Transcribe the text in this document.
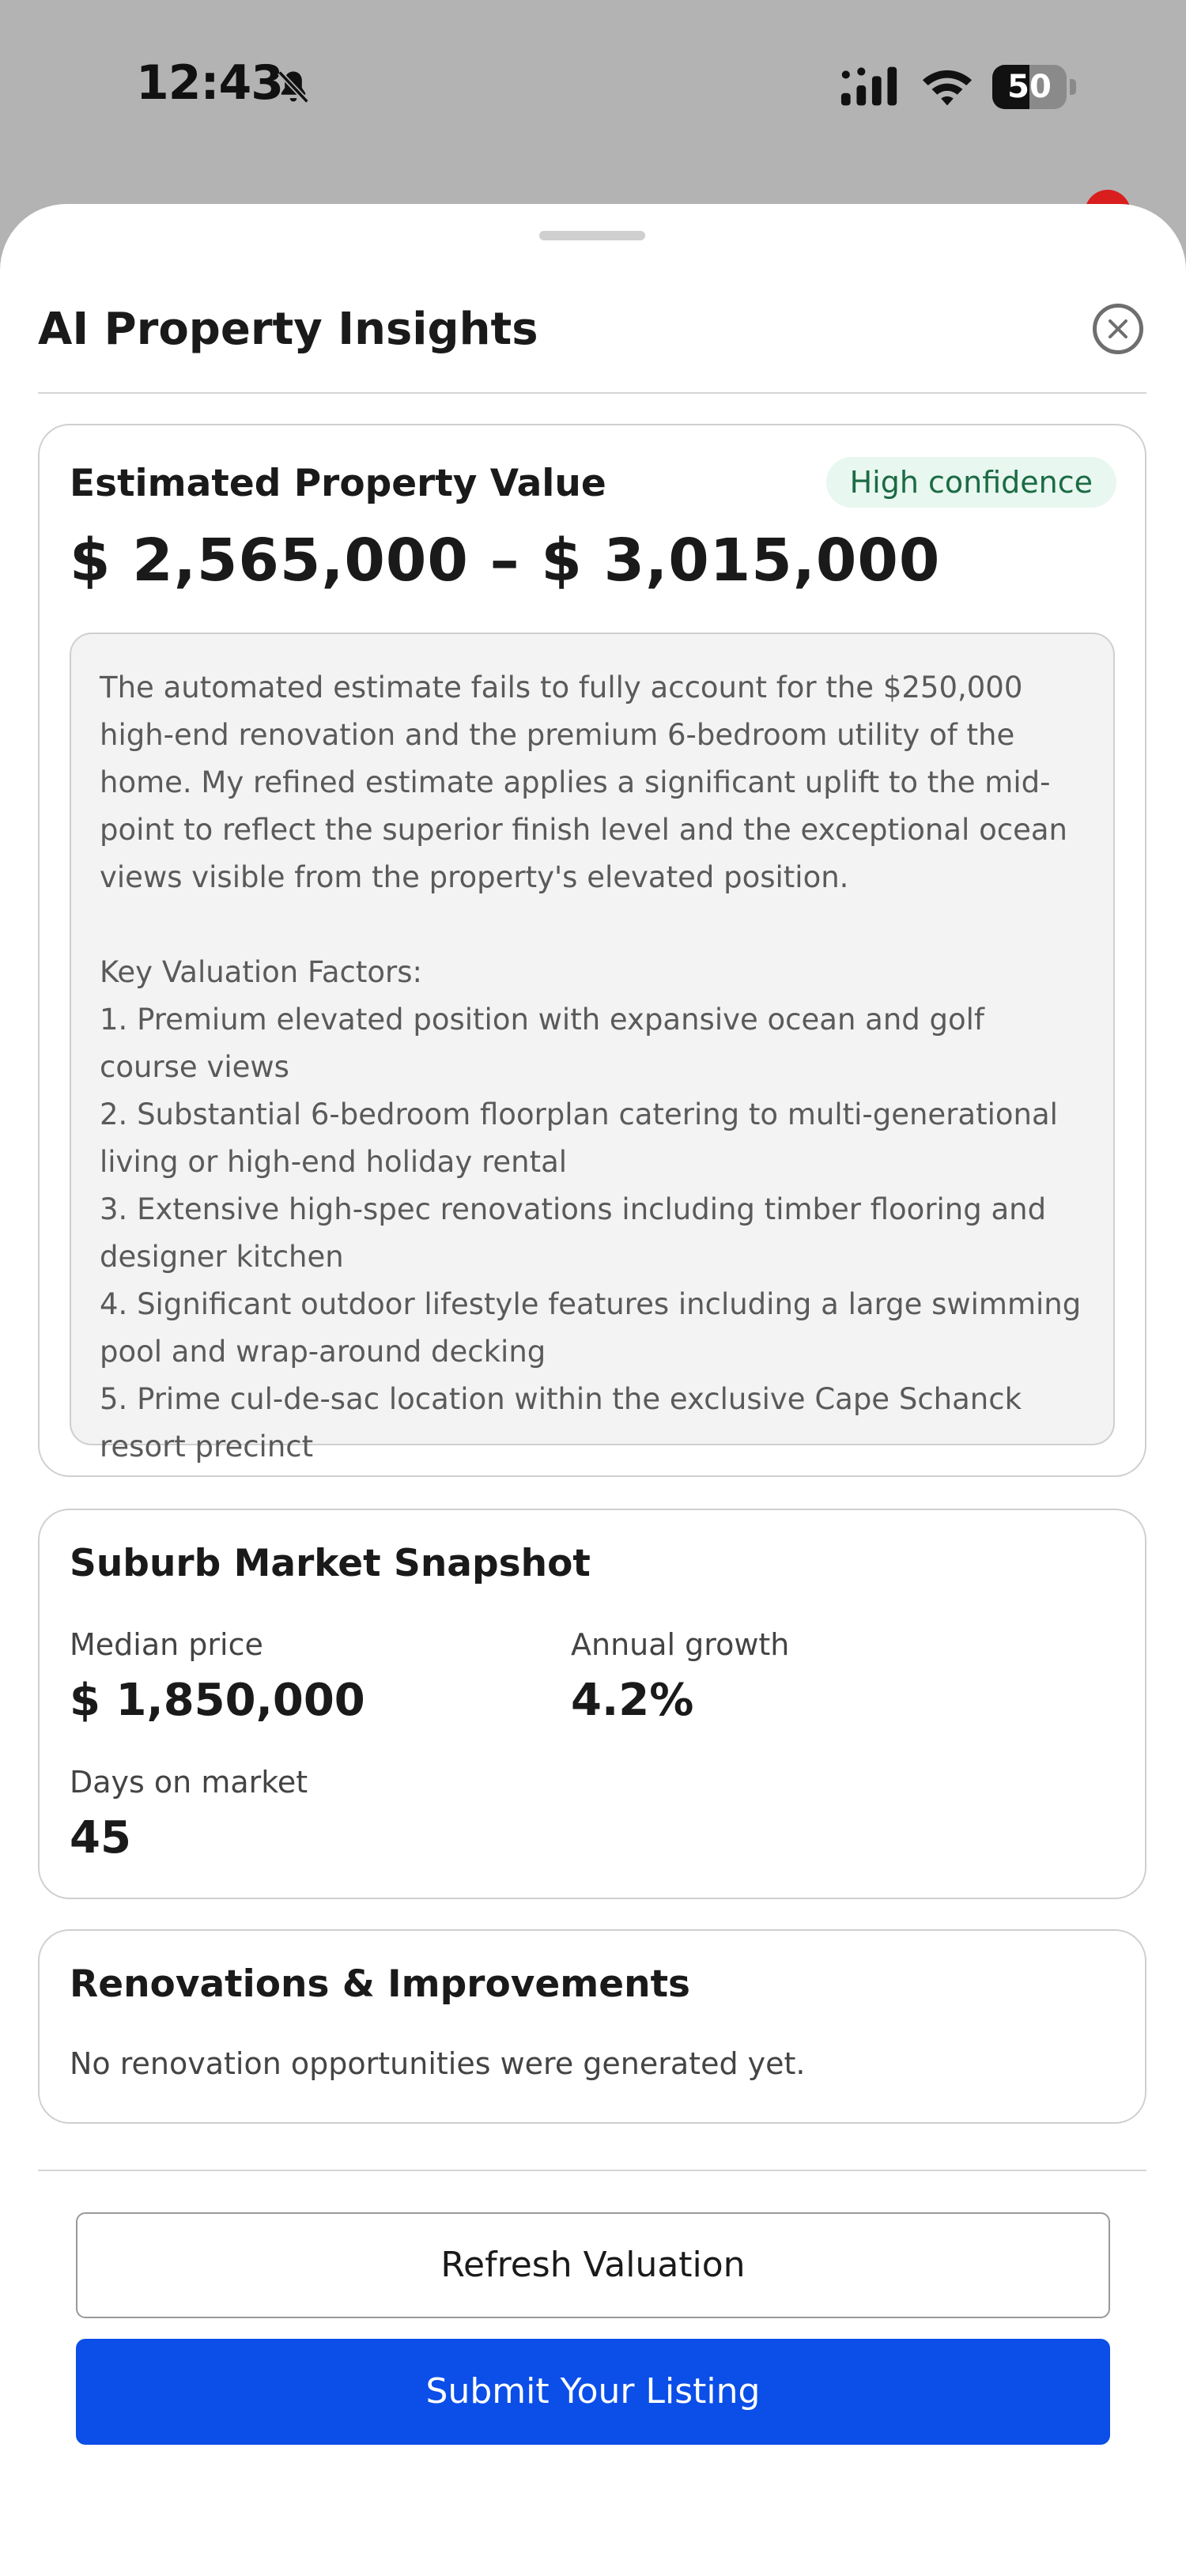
12:43	50
AI Property Insights
Estimated Property Value	High confidence
$ 2,565,000 – $ 3,015,000

The automated estimate fails to fully account for the $250,000 high-end renovation and the premium 6-bedroom utility of the home. My refined estimate applies a significant uplift to the mid-point to reflect the superior finish level and the exceptional ocean views visible from the property's elevated position.

Key Valuation Factors:

1. Premium elevated position with expansive ocean and golf course views

2. Substantial 6-bedroom floorplan catering to multi-generational living or high-end holiday rental

3. Extensive high-spec renovations including timber flooring and designer kitchen

4. Significant outdoor lifestyle features including a large swimming pool and wrap-around decking

5. Prime cul-de-sac location within the exclusive Cape Schanck resort precinct

Suburb Market Snapshot
Median price
$ 1,850,000
Annual growth
4.2%
Days on market
45
Renovations & Improvements
No renovation opportunities were generated yet.
Refresh Valuation
Submit Your Listing
